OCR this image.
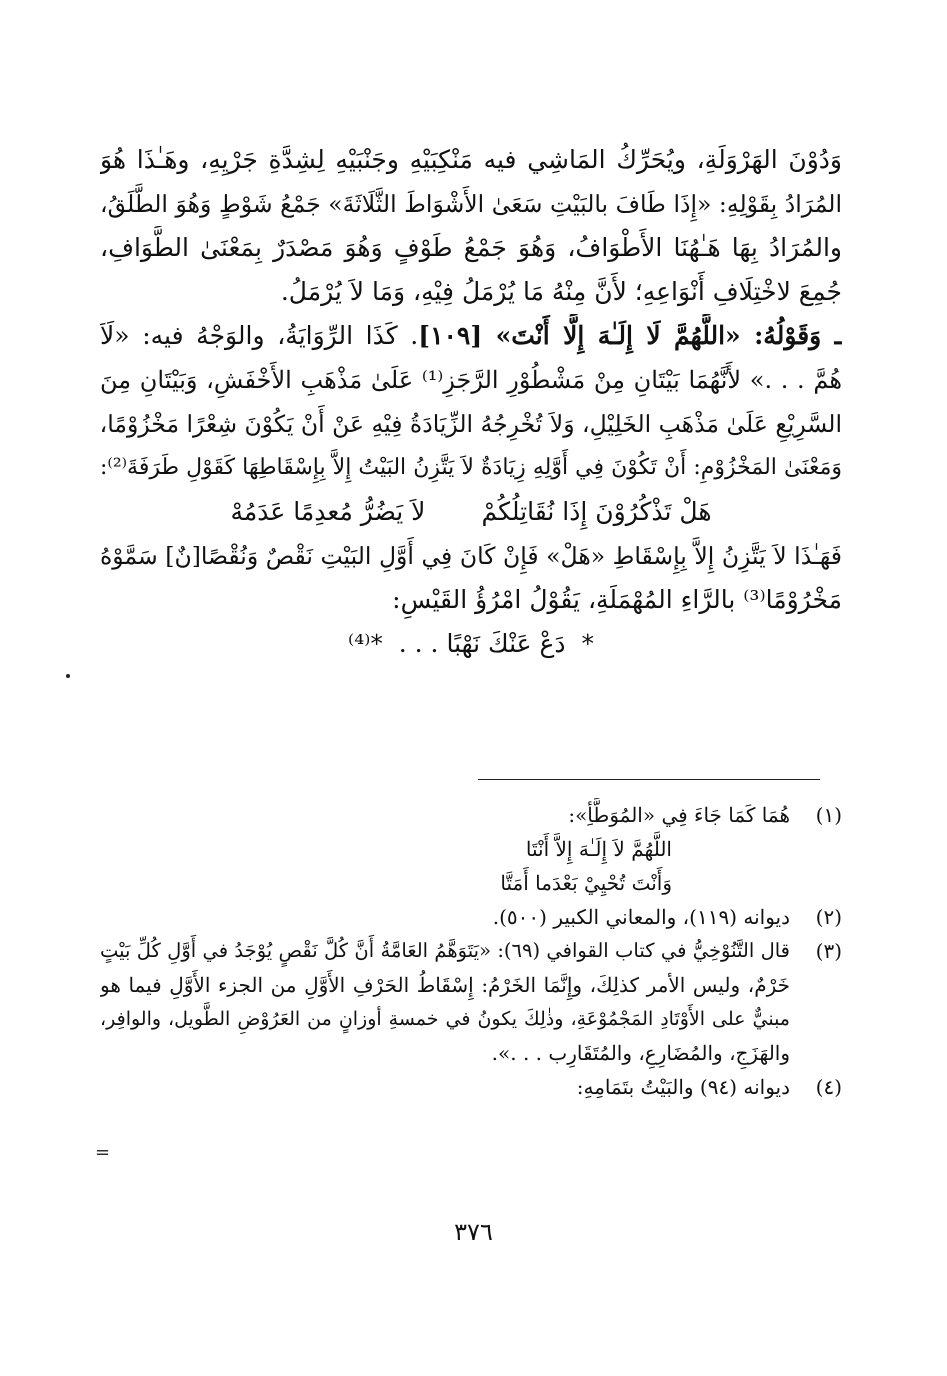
وَدُوْنَ الهَرْوَلَةِ، ويُحَرِّكُ المَاشِي فيه مَنْكِبَيْهِ وجَنْبَيْهِ لِشِدَّةِ جَرْيِهِ، وهَـٰذَا هُوَ
المُرَادُ بِقَوْلِهِ: «إِذَا طَافَ بالبَيْتِ سَعَىٰ الأَشْوَاطَ الثَّلَاثَةَ» جَمْعُ شَوْطٍ وَهُوَ الطَّلَقُ،
والمُرَادُ بِهَا هَـٰهُنَا الأَطْوَافُ، وَهُوَ جَمْعُ طَوْفٍ وَهُوَ مَصْدَرٌ بِمَعْنَىٰ الطَّوَافِ،
جُمِعَ لاخْتِلَافِ أَنْوَاعِهِ؛ لأَنَّ مِنْهُ مَا يُرْمَلُ فِيْهِ، وَمَا لاَ يُرْمَلُ.
ـ وَقَوْلُهُ: «اللَّهُمَّ لَا إِلَـٰهَ إِلَّا أَنْتَ» [١٠٩]. كَذَا الرِّوَايَةُ، والوَجْهُ فيه: «لَاَ
هُمَّ . . .» لأَنَّهُمَا بَيْتَانِ مِنْ مَشْطُوْرِ الرَّجَزِ⁽¹⁾ عَلَىٰ مَذْهَبِ الأَخْفَشِ، وَبَيْتَانِ مِنَ
السَّرِيْعِ عَلَىٰ مَذْهَبِ الخَلِيْلِ، وَلاَ تُخْرِجُهُ الزِّيَادَةُ فِيْهِ عَنْ أَنْ يَكُوْنَ شِعْرًا مَخْزُوْمًا،
وَمَعْنَىٰ المَخْزُوْمِ: أَنْ تَكُوْنَ فِي أَوَّلِهِ زِيَادَةٌ لاَ يَتَّزِنُ البَيْتُ إِلاَّ بِإِسْقَاطِهَا كَقَوْلِ طَرَفَةَ⁽²⁾:
هَلْ تَذْكُرُوْنَ إِذَا نُقَاتِلُكُمْ
لاَ يَضُرُّ مُعدِمًا عَدَمُهْ
فَهَـٰذَا لاَ يَتَّزِنُ إِلاَّ بِإِسْقَاطِ «هَلْ» فَإِنْ كَانَ فِي أَوَّلِ البَيْتِ نَقْصٌ وَنُقْصًا[نٌ] سَمَّوْهُ
مَخْرُوْمًا⁽³⁾ بالرَّاءِ المُهْمَلَةِ، يَقُوْلُ امْرُؤُ القَيْسِ:
*

دَعْ عَنْكَ نَهْبًا . . .

*
⁽⁴⁾
(١)
هُمَا كَمَا جَاءَ فِي «المُوَطَّأِ»:
اللَّهُمَّ لاَ إِلَـٰهَ إِلاَّ أَنْتَا
وَأَنْتَ تُحْيِيْ بَعْدَما أَمَتَّا
(٢)
ديوانه (١١٩)، والمعاني الكبير (٥٠٠).
(٣)
قال التَّنُوْخِيُّ في كتاب القوافي (٦٩): «يَتَوَهَّمُ العَامَّةُ أَنَّ كُلَّ نَقْصٍ يُوْجَدُ في أَوَّلِ كُلِّ بَيْتٍ
خَرْمٌ، وليس الأمر كذلِكَ، وإِنَّمَا الخَرْمُ: إِسْقَاطُ الحَرْفِ الأَوَّلِ من الجزء الأَوَّلِ فيما هو
مبنيٌّ على الأَوْتَادِ المَجْمُوْعَةِ، وذٰلِكَ يكونُ في خمسةِ أوزانٍ من العَرُوْضِ الطَّويل، والوافِر،
والهَزَجِ، والمُضَارِعِ، والمُتَقَارِب . . .».
(٤)
ديوانه (٩٤) والبَيْتُ بتَمَامِهِ:
=
٣٧٦
